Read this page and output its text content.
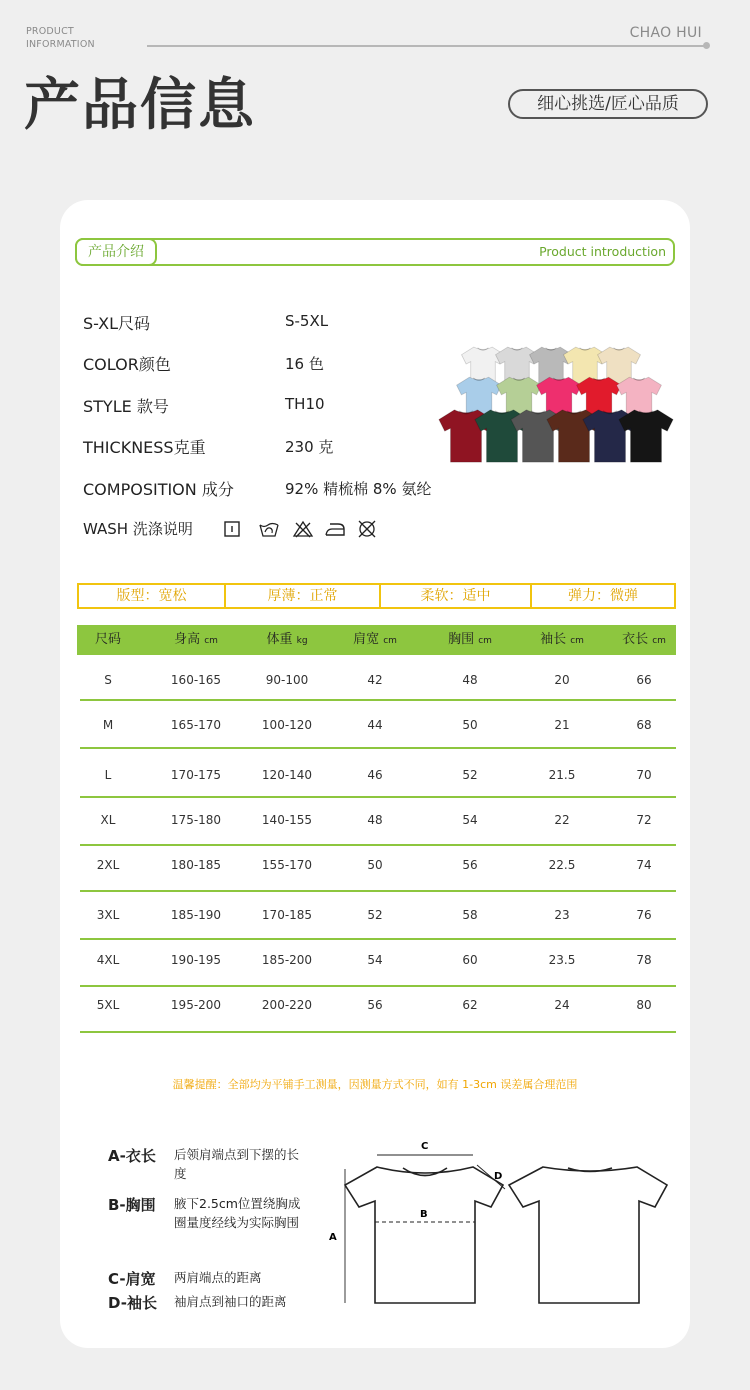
PRODUCT
INFORMATION
CHAO HUI
产品信息	细心挑选/匠心品质
产品介绍	Product introduction
S-XL尺码	S-5XL
COLOR颜色	16 色
STYLE 款号	TH10
THICKNESS克重	230 克
COMPOSITION 成分	92% 精梳棉 8% 氨纶
WASH 洗涤说明
版型：宽松	厚薄：正常	柔软：适中	弹力：微弹
尺码	身高 cm	体重 kg	肩宽 cm	胸围 cm	袖长 cm	衣长 cm
S	160-165	90-100	42	48	20	66
M	165-170	100-120	44	50	21	68
L	170-175	120-140	46	52	21.5	70
XL	175-180	140-155	48	54	22	72
2XL	180-185	155-170	50	56	22.5	74
3XL	185-190	170-185	52	58	23	76
4XL	190-195	185-200	54	60	23.5	78
5XL	195-200	200-220	56	62	24	80
温馨提醒：全部均为平铺手工测量，因测量方式不同，如有 1-3cm 误差属合理范围
A-衣长 后领肩端点到下摆的长度
B-胸围 腋下2.5cm位置绕胸成圈量度经线为实际胸围
C-肩宽 两肩端点的距离
D-袖长 袖肩点到袖口的距离
C
A
B
D
